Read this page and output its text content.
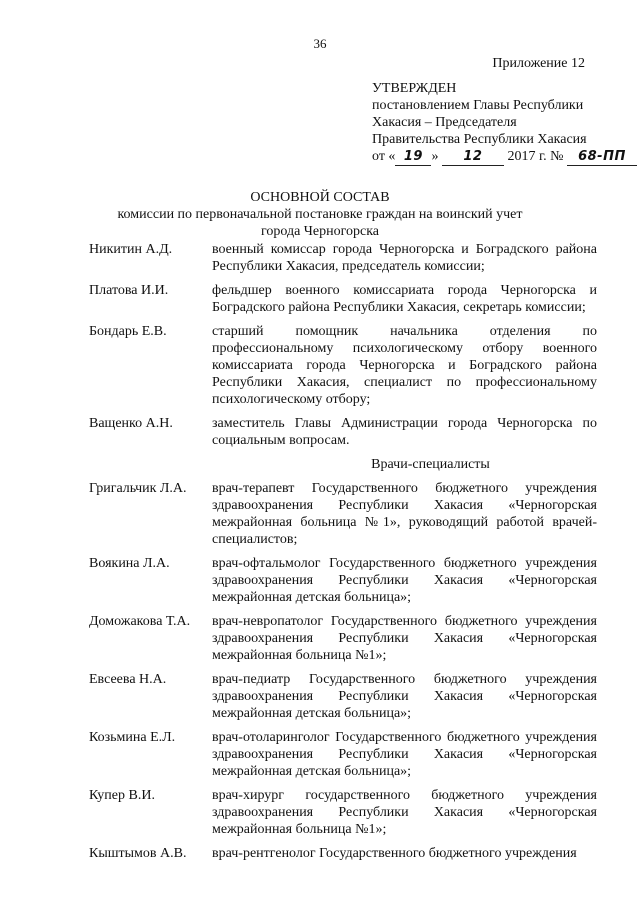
36
Приложение 12
УТВЕРЖДЕН
постановлением Главы Республики
Хакасия – Председателя
Правительства Республики Хакасия
от « 19 » 12 2017 г. № 68-ПП
ОСНОВНОЙ СОСТАВ
комиссии по первоначальной постановке граждан на воинский учет
города Черногорска
Никитин А.Д.	военный комиссар города Черногорска и Боградского района Республики Хакасия, председатель комиссии;
Платова И.И.	фельдшер военного комиссариата города Черногорска и Боградского района Республики Хакасия, секретарь комиссии;
Бондарь Е.В.	старший помощник начальника отделения по профессиональному психологическому отбору военного комиссариата города Черногорска и Боградского района Республики Хакасия, специалист по профессиональному психологическому отбору;
Ващенко А.Н.	заместитель Главы Администрации города Черногорска по социальным вопросам.
Врачи-специалисты
Григальчик Л.А.	врач-терапевт Государственного бюджетного учреждения здравоохранения Республики Хакасия «Черногорская межрайонная больница №1», руководящий работой врачей-специалистов;
Воякина Л.А.	врач-офтальмолог Государственного бюджетного учреждения здравоохранения Республики Хакасия «Черногорская межрайонная детская больница»;
Доможакова Т.А.	врач-невропатолог Государственного бюджетного учреждения здравоохранения Республики Хакасия «Черногорская межрайонная больница №1»;
Евсеева Н.А.	врач-педиатр Государственного бюджетного учреждения здравоохранения Республики Хакасия «Черногорская межрайонная детская больница»;
Козьмина Е.Л.	врач-отоларинголог Государственного бюджетного учреждения здравоохранения Республики Хакасия «Черногорская межрайонная детская больница»;
Купер В.И.	врач-хирург государственного бюджетного учреждения здравоохранения Республики Хакасия «Черногорская межрайонная больница №1»;
Кыштымов А.В.	врач-рентгенолог Государственного бюджетного учреждения
